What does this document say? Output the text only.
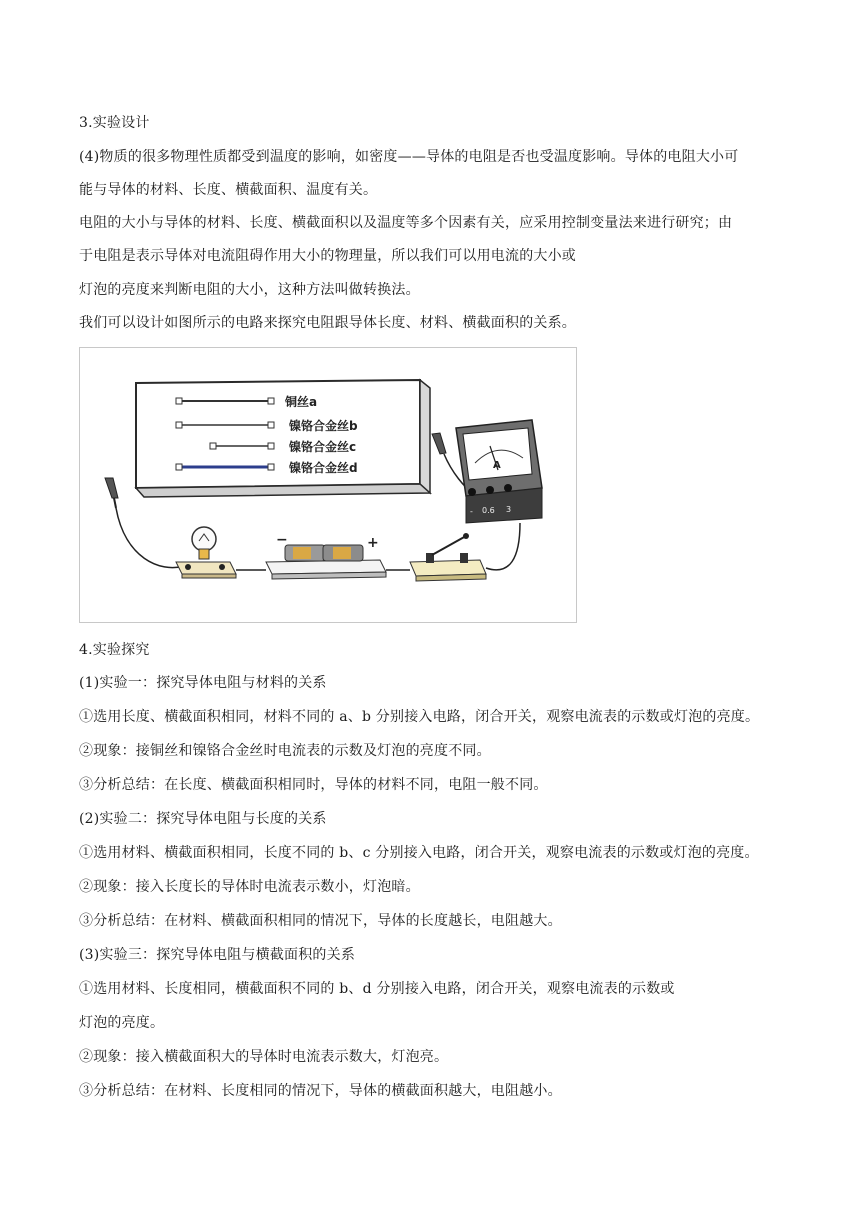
3.实验设计
(4)物质的很多物理性质都受到温度的影响，如密度——导体的电阻是否也受温度影响。导体的电阻大小可
能与导体的材料、长度、横截面积、温度有关。
电阻的大小与导体的材料、长度、横截面积以及温度等多个因素有关，应采用控制变量法来进行研究；由
于电阻是表示导体对电流阻碍作用大小的物理量，所以我们可以用电流的大小或
灯泡的亮度来判断电阻的大小，这种方法叫做转换法。
我们可以设计如图所示的电路来探究电阻跟导体长度、材料、横截面积的关系。
铜丝a
镍铬合金丝b
镍铬合金丝c
镍铬合金丝d
−	+
A
- 0.6 3
4.实验探究
(1)实验一：探究导体电阻与材料的关系
①选用长度、横截面积相同，材料不同的 a、b 分别接入电路，闭合开关，观察电流表的示数或灯泡的亮度。
②现象：接铜丝和镍铬合金丝时电流表的示数及灯泡的亮度不同。
③分析总结：在长度、横截面积相同时，导体的材料不同，电阻一般不同。
(2)实验二：探究导体电阻与长度的关系
①选用材料、横截面积相同，长度不同的 b、c 分别接入电路，闭合开关，观察电流表的示数或灯泡的亮度。
②现象：接入长度长的导体时电流表示数小，灯泡暗。
③分析总结：在材料、横截面积相同的情况下，导体的长度越长，电阻越大。
(3)实验三：探究导体电阻与横截面积的关系
①选用材料、长度相同，横截面积不同的 b、d 分别接入电路，闭合开关，观察电流表的示数或
灯泡的亮度。
②现象：接入横截面积大的导体时电流表示数大，灯泡亮。
③分析总结：在材料、长度相同的情况下，导体的横截面积越大，电阻越小。
